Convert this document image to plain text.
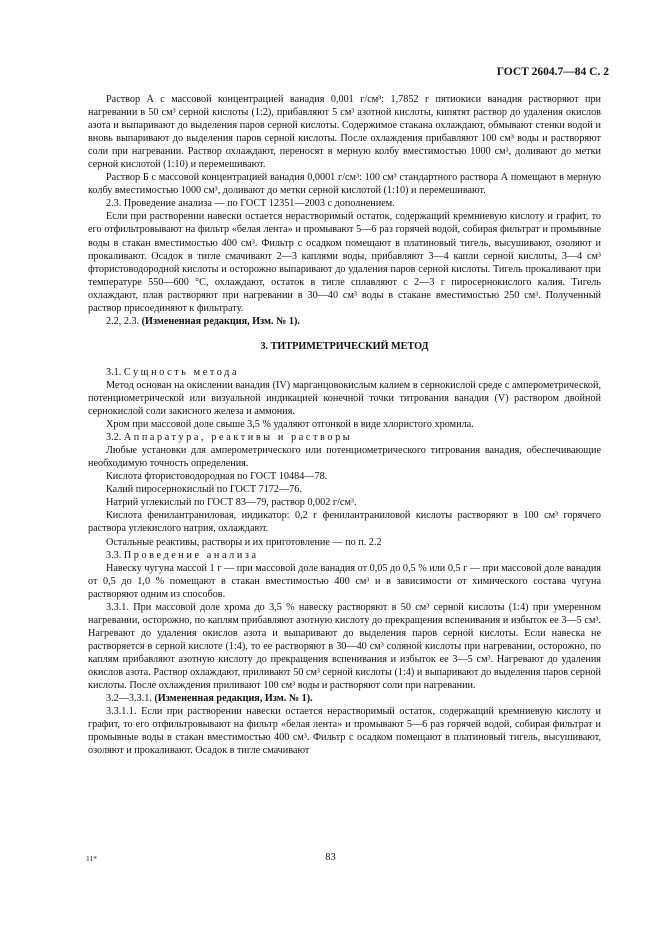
ГОСТ 2604.7—84 С. 2

Раствор А с массовой концентрацией ванадия 0,001 г/см³: 1,7852 г пятиокиси ванадия растворяют при нагревании в 50 см³ серной кислоты (1:2), прибавляют 5 см³ азотной кислоты, кипятят раствор до удаления окислов азота и выпаривают до выделения паров серной кислоты. Содержимое стакана охлаждают, обмывают стенки водой и вновь выпаривают до выделения паров серной кислоты. После охлаждения прибавляют 100 см³ воды и растворяют соли при нагревании. Раствор охлаждают, переносят в мерную колбу вместимостью 1000 см³, доливают до метки серной кислотой (1:10) и перемешивают.

Раствор Б с массовой концентрацией ванадия 0,0001 г/см³: 100 см³ стандартного раствора А помещают в мерную колбу вместимостью 1000 см³, доливают до метки серной кислотой (1:10) и перемешивают.

2.3. Проведение анализа — по ГОСТ 12351—2003 с дополнением.

Если при растворении навески остается нерастворимый остаток, содержащий кремниевую кислоту и графит, то его отфильтровывают на фильтр «белая лента» и промывают 5—6 раз горячей водой, собирая фильтрат и промывные воды в стакан вместимостью 400 см³. Фильтр с осадком помещают в платиновый тигель, высушивают, озоляют и прокаливают. Осадок в тигле смачивают 2—3 каплями воды, прибавляют 3—4 капли серной кислоты, 3—4 см³ фтористоводородной кислоты и осторожно выпаривают до удаления паров серной кислоты. Тигель прокаливают при температуре 550—600 °С, охлаждают, остаток в тигле сплавляют с 2—3 г пиросернокислого калия. Тигель охлаждают, плав растворяют при нагревании в 30—40 см³ воды в стакане вместимостью 250 см³. Полученный раствор присоединяют к фильтрату.

2.2, 2.3. (Измененная редакция, Изм. № 1).

3. ТИТРИМЕТРИЧЕСКИЙ МЕТОД

3.1. Сущность метода

Метод основан на окислении ванадия (IV) марганцовокислым калием в сернокислой среде с амперометрической, потенциометрической или визуальной индикацией конечной точки титрования ванадия (V) раствором двойной сернокислой соли закисного железа и аммония.

Хром при массовой доле свыше 3,5 % удаляют отгонкой в виде хлористого хромила.

3.2. Аппаратура, реактивы и растворы

Любые установки для амперометрического или потенциометрического титрования ванадия, обеспечивающие необходимую точность определения.

Кислота фтористоводородная по ГОСТ 10484—78.

Калий пиросернокислый по ГОСТ 7172—76.

Натрий углекислый по ГОСТ 83—79, раствор 0,002 г/см³.

Кислота фенилантраниловая, индикатор: 0,2 г фенилантраниловой кислоты растворяют в 100 см³ горячего раствора углекислого натрия, охлаждают.

Остальные реактивы, растворы и их приготовление — по п. 2.2

3.3. Проведение анализа

Навеску чугуна массой 1 г — при массовой доле ванадия от 0,05 до 0,5 % или 0,5 г — при массовой доле ванадия от 0,5 до 1,0 % помещают в стакан вместимостью 400 см³ и в зависимости от химического состава чугуна растворяют одним из способов.

3.3.1. При массовой доле хрома до 3,5 % навеску растворяют в 50 см³ серной кислоты (1:4) при умеренном нагревании, осторожно, по каплям прибавляют азотную кислоту до прекращения вспенивания и избыток ее 3—5 см³. Нагревают до удаления окислов азота и выпаривают до выделения паров серной кислоты. Если навеска не растворяется в серной кислоте (1:4), то ее растворяют в 30—40 см³ соляной кислоты при нагревании, осторожно, по каплям прибавляют азотную кислоту до прекращения вспенивания и избыток ее 3—5 см³. Нагревают до удаления окислов азота. Раствор охлаждают, приливают 50 см³ серной кислоты (1:4) и выпаривают до выделения паров серной кислоты. После охлаждения приливают 100 см³ воды и растворяют соли при нагревании.

3.2—3.3.1. (Измененная редакция, Изм. № 1).

3.3.1.1. Если при растворении навески остается нерастворимый остаток, содержащий кремниевую кислоту и графит, то его отфильтровывают на фильтр «белая лента» и промывают 5—6 раз горячей водой, собирая фильтрат и промывные воды в стакан вместимостью 400 см³. Фильтр с осадком помещают в платиновый тигель, высушивают, озоляют и прокаливают. Осадок в тигле смачивают

11*	83
